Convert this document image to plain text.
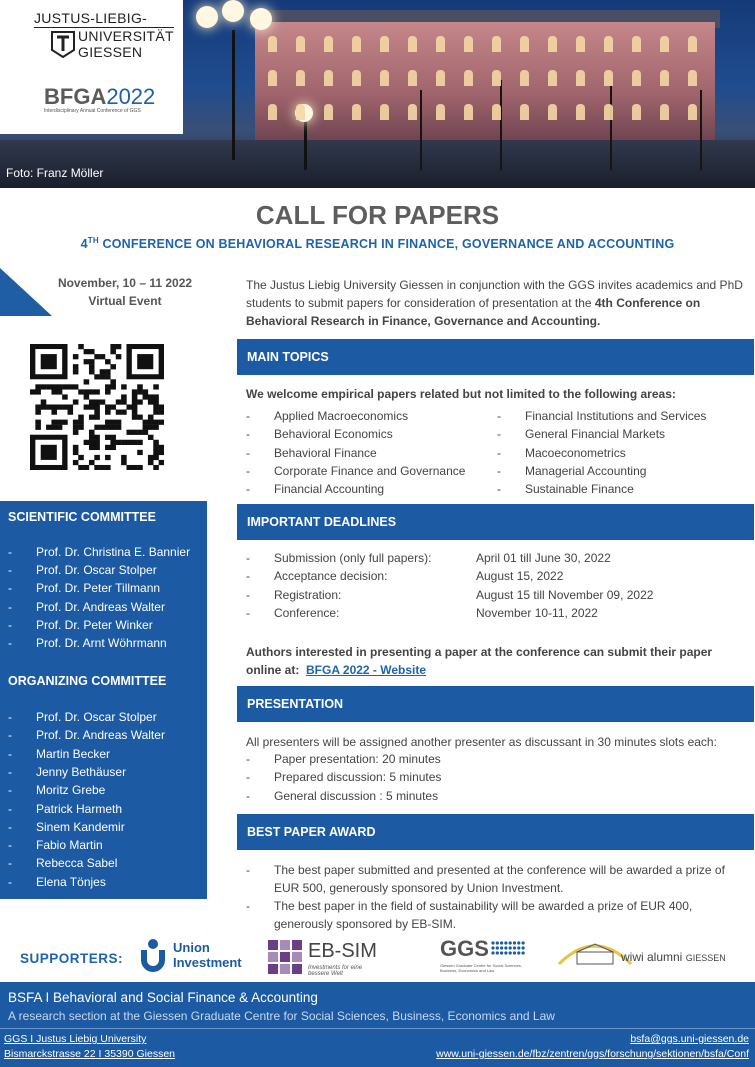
Foto: Franz Möller
JUSTUS-LIEBIG-
UNIVERSITÄT
GIESSEN
BFGA2022
Interdisciplinary Annual Conference of GGS
CALL FOR PAPERS
4TH CONFERENCE ON BEHAVIORAL RESEARCH IN FINANCE, GOVERNANCE AND ACCOUNTING
November, 10 – 11 2022
Virtual Event
SCIENTIFIC COMMITTEE
- Prof. Dr. Christina E. Bannier
- Prof. Dr. Oscar Stolper
- Prof. Dr. Peter Tillmann
- Prof. Dr. Andreas Walter
- Prof. Dr. Peter Winker
- Prof. Dr. Arnt Wöhrmann
ORGANIZING COMMITTEE
- Prof. Dr. Oscar Stolper
- Prof. Dr. Andreas Walter
- Martin Becker
- Jenny Bethäuser
- Moritz Grebe
- Patrick Harmeth
- Sinem Kandemir
- Fabio Martin
- Rebecca Sabel
- Elena Tönjes
The Justus Liebig University Giessen in conjunction with the GGS invites academics and PhD students to submit papers for consideration of presentation at the 4th Conference on Behavioral Research in Finance, Governance and Accounting.
MAIN TOPICS
We welcome empirical papers related but not limited to the following areas:
- Applied Macroeconomics
- Behavioral Economics
- Behavioral Finance
- Corporate Finance and Governance
- Financial Accounting
- Financial Institutions and Services
- General Financial Markets
- Macoeconometrics
- Managerial Accounting
- Sustainable Finance
IMPORTANT DEADLINES
- Submission (only full papers):	April 01 till June 30, 2022
- Acceptance decision:	August 15, 2022
- Registration:	August 15 till November 09, 2022
- Conference:	November 10-11, 2022
Authors interested in presenting a paper at the conference can submit their paper online at: BFGA 2022 - Website
PRESENTATION
All presenters will be assigned another presenter as discussant in 30 minutes slots each:
- Paper presentation: 20 minutes
- Prepared discussion: 5 minutes
- General discussion : 5 minutes
BEST PAPER AWARD
-	The best paper submitted and presented at the conference will be awarded a prize of EUR 500, generously sponsored by Union Investment.
-	The best paper in the field of sustainability will be awarded a prize of EUR 400, generously sponsored by EB-SIM.
SUPPORTERS:
Union
Investment
EB-SIM
Investments for eine bessere Welt
GGS
Giessen Graduate Centre for Social Sciences, Business, Economics and Law
wiwi alumni GIESSEN
BSFA I Behavioral and Social Finance & Accounting
A research section at the Giessen Graduate Centre for Social Sciences, Business, Economics and Law
GGS I Justus Liebig University
Bismarckstrasse 22 I 35390 Giessen
bsfa@ggs.uni-giessen.de
www.uni-giessen.de/fbz/zentren/ggs/forschung/sektionen/bsfa/Conf
